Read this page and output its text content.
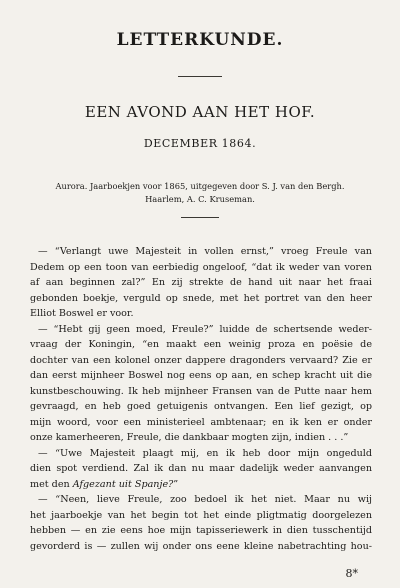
LETTERKUNDE.
EEN AVOND AAN HET HOF.
DECEMBER 1864.
Aurora. Jaarboekjen voor 1865, uitgegeven door S. J. van den Bergh.
Haarlem, A. C. Kruseman.
— “Verlangt uwe Majesteit in vollen ernst,” vroeg Freule van
Dedem op een toon van eerbiedig ongeloof, “dat ik weder van voren
af aan beginnen zal?” En zij strekte de hand uit naar het fraai
gebonden boekje, verguld op snede, met het portret van den heer
Elliot Boswel er voor.
— “Hebt gij geen moed, Freule?” luidde de schertsende weder-
vraag der Koningin, “en maakt een weinig proza en poësie de
dochter van een kolonel onzer dappere dragonders vervaard? Zie er
dan eerst mijnheer Boswel nog eens op aan, en schep kracht uit die
kunstbeschouwing. Ik heb mijnheer Fransen van de Putte naar hem
gevraagd, en heb goed getuigenis ontvangen. Een lief gezigt, op
mijn woord, voor een ministerieel ambtenaar; en ik ken er onder
onze kamerheeren, Freule, die dankbaar mogten zijn, indien . . .”
— “Uwe Majesteit plaagt mij, en ik heb door mijn ongeduld
dien spot verdiend. Zal ik dan nu maar dadelijk weder aanvangen
met den Afgezant uit Spanje?”
— “Neen, lieve Freule, zoo bedoel ik het niet. Maar nu wij
het jaarboekje van het begin tot het einde pligtmatig doorgelezen
hebben — en zie eens hoe mijn tapisseriewerk in dien tusschentijd
gevorderd is — zullen wij onder ons eene kleine nabetrachting hou-
8*
